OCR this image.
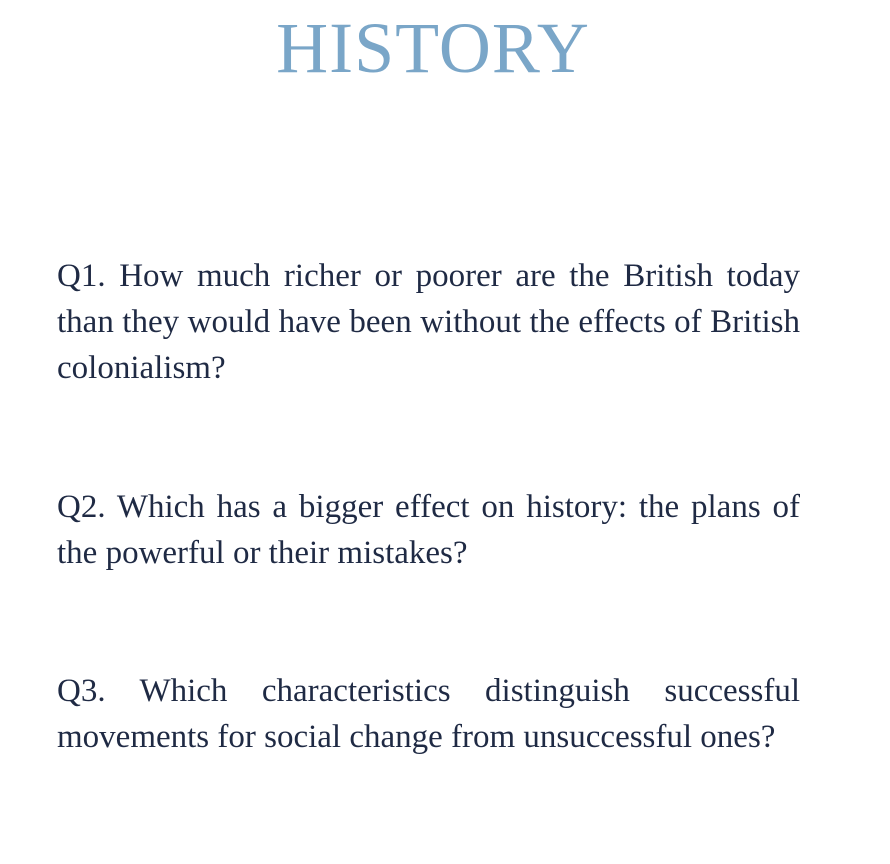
HISTORY

Q1. How much richer or poorer are the British today than they would have been without the effects of British colonialism?

Q2. Which has a bigger effect on history: the plans of the powerful or their mistakes?

Q3. Which characteristics distinguish successful movements for social change from unsuccessful ones?
